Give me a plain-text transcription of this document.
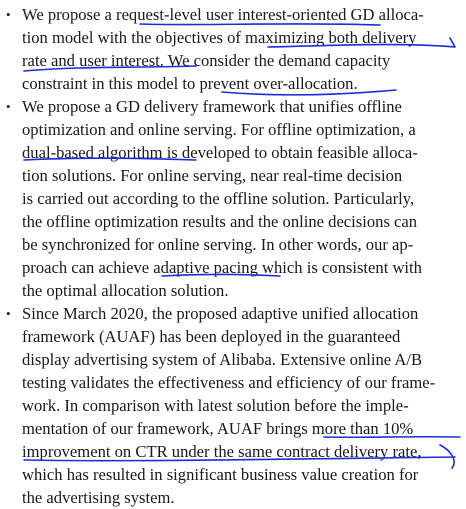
• We propose a request-level user interest-oriented GD alloca-
tion model with the objectives of maximizing both delivery
rate and user interest. We consider the demand capacity
constraint in this model to prevent over-allocation.
• We propose a GD delivery framework that unifies offline
optimization and online serving. For offline optimization, a
dual-based algorithm is developed to obtain feasible alloca-
tion solutions. For online serving, near real-time decision
is carried out according to the offline solution. Particularly,
the offline optimization results and the online decisions can
be synchronized for online serving. In other words, our ap-
proach can achieve adaptive pacing which is consistent with
the optimal allocation solution.
• Since March 2020, the proposed adaptive unified allocation
framework (AUAF) has been deployed in the guaranteed
display advertising system of Alibaba. Extensive online A/B
testing validates the effectiveness and efficiency of our frame-
work. In comparison with latest solution before the imple-
mentation of our framework, AUAF brings more than 10%
improvement on CTR under the same contract delivery rate,
which has resulted in significant business value creation for
the advertising system.
